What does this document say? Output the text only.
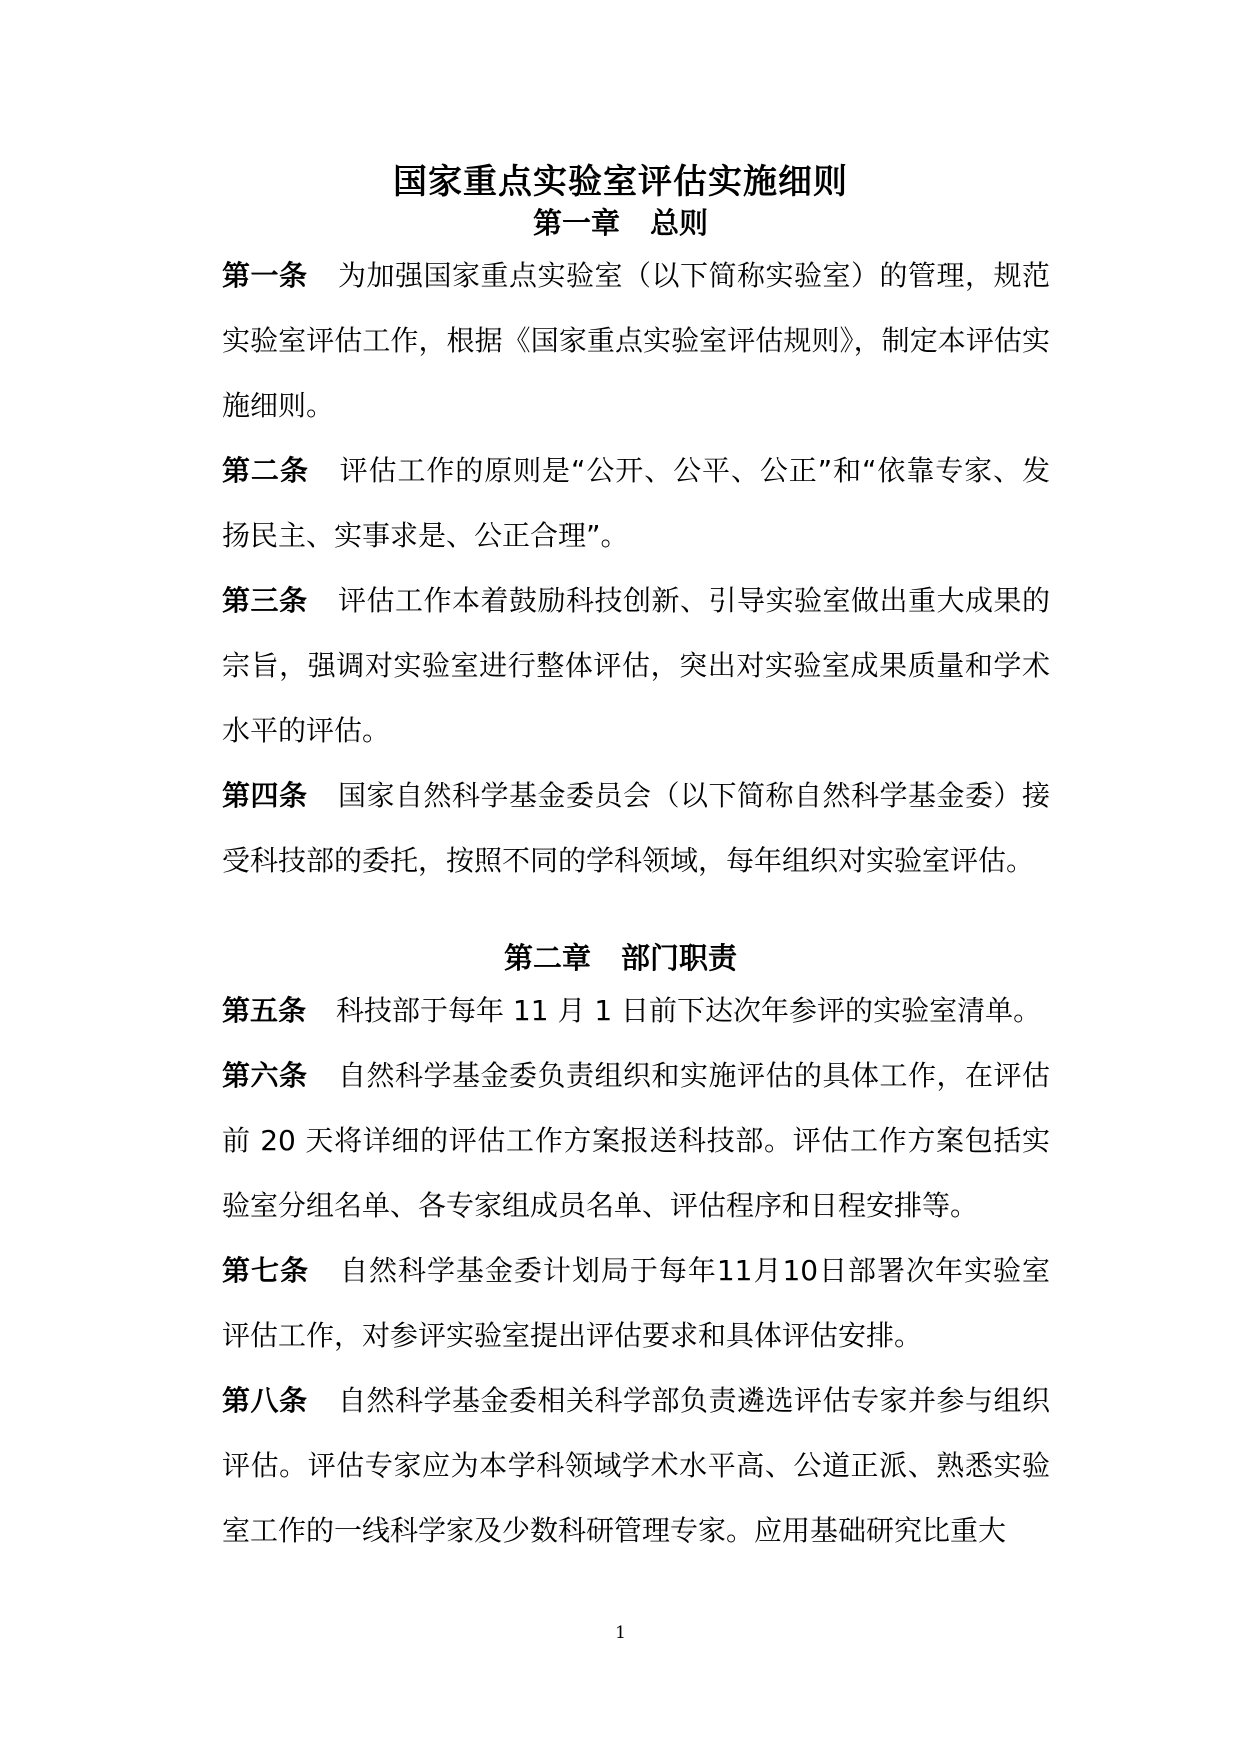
国家重点实验室评估实施细则
第一章 总则

第一条 为加强国家重点实验室（以下简称实验室）的管理，规范实验室评估工作，根据《国家重点实验室评估规则》，制定本评估实施细则。

第二条 评估工作的原则是“公开、公平、公正”和“依靠专家、发扬民主、实事求是、公正合理”。

第三条 评估工作本着鼓励科技创新、引导实验室做出重大成果的宗旨，强调对实验室进行整体评估，突出对实验室成果质量和学术水平的评估。

第四条 国家自然科学基金委员会（以下简称自然科学基金委）接受科技部的委托，按照不同的学科领域，每年组织对实验室评估。

第二章 部门职责

第五条 科技部于每年 11 月 1 日前下达次年参评的实验室清单。

第六条 自然科学基金委负责组织和实施评估的具体工作，在评估前 20 天将详细的评估工作方案报送科技部。评估工作方案包括实验室分组名单、各专家组成员名单、评估程序和日程安排等。

第七条 自然科学基金委计划局于每年11月10日部署次年实验室评估工作，对参评实验室提出评估要求和具体评估安排。

第八条 自然科学基金委相关科学部负责遴选评估专家并参与组织评估。评估专家应为本学科领域学术水平高、公道正派、熟悉实验室工作的一线科学家及少数科研管理专家。应用基础研究比重大

1
